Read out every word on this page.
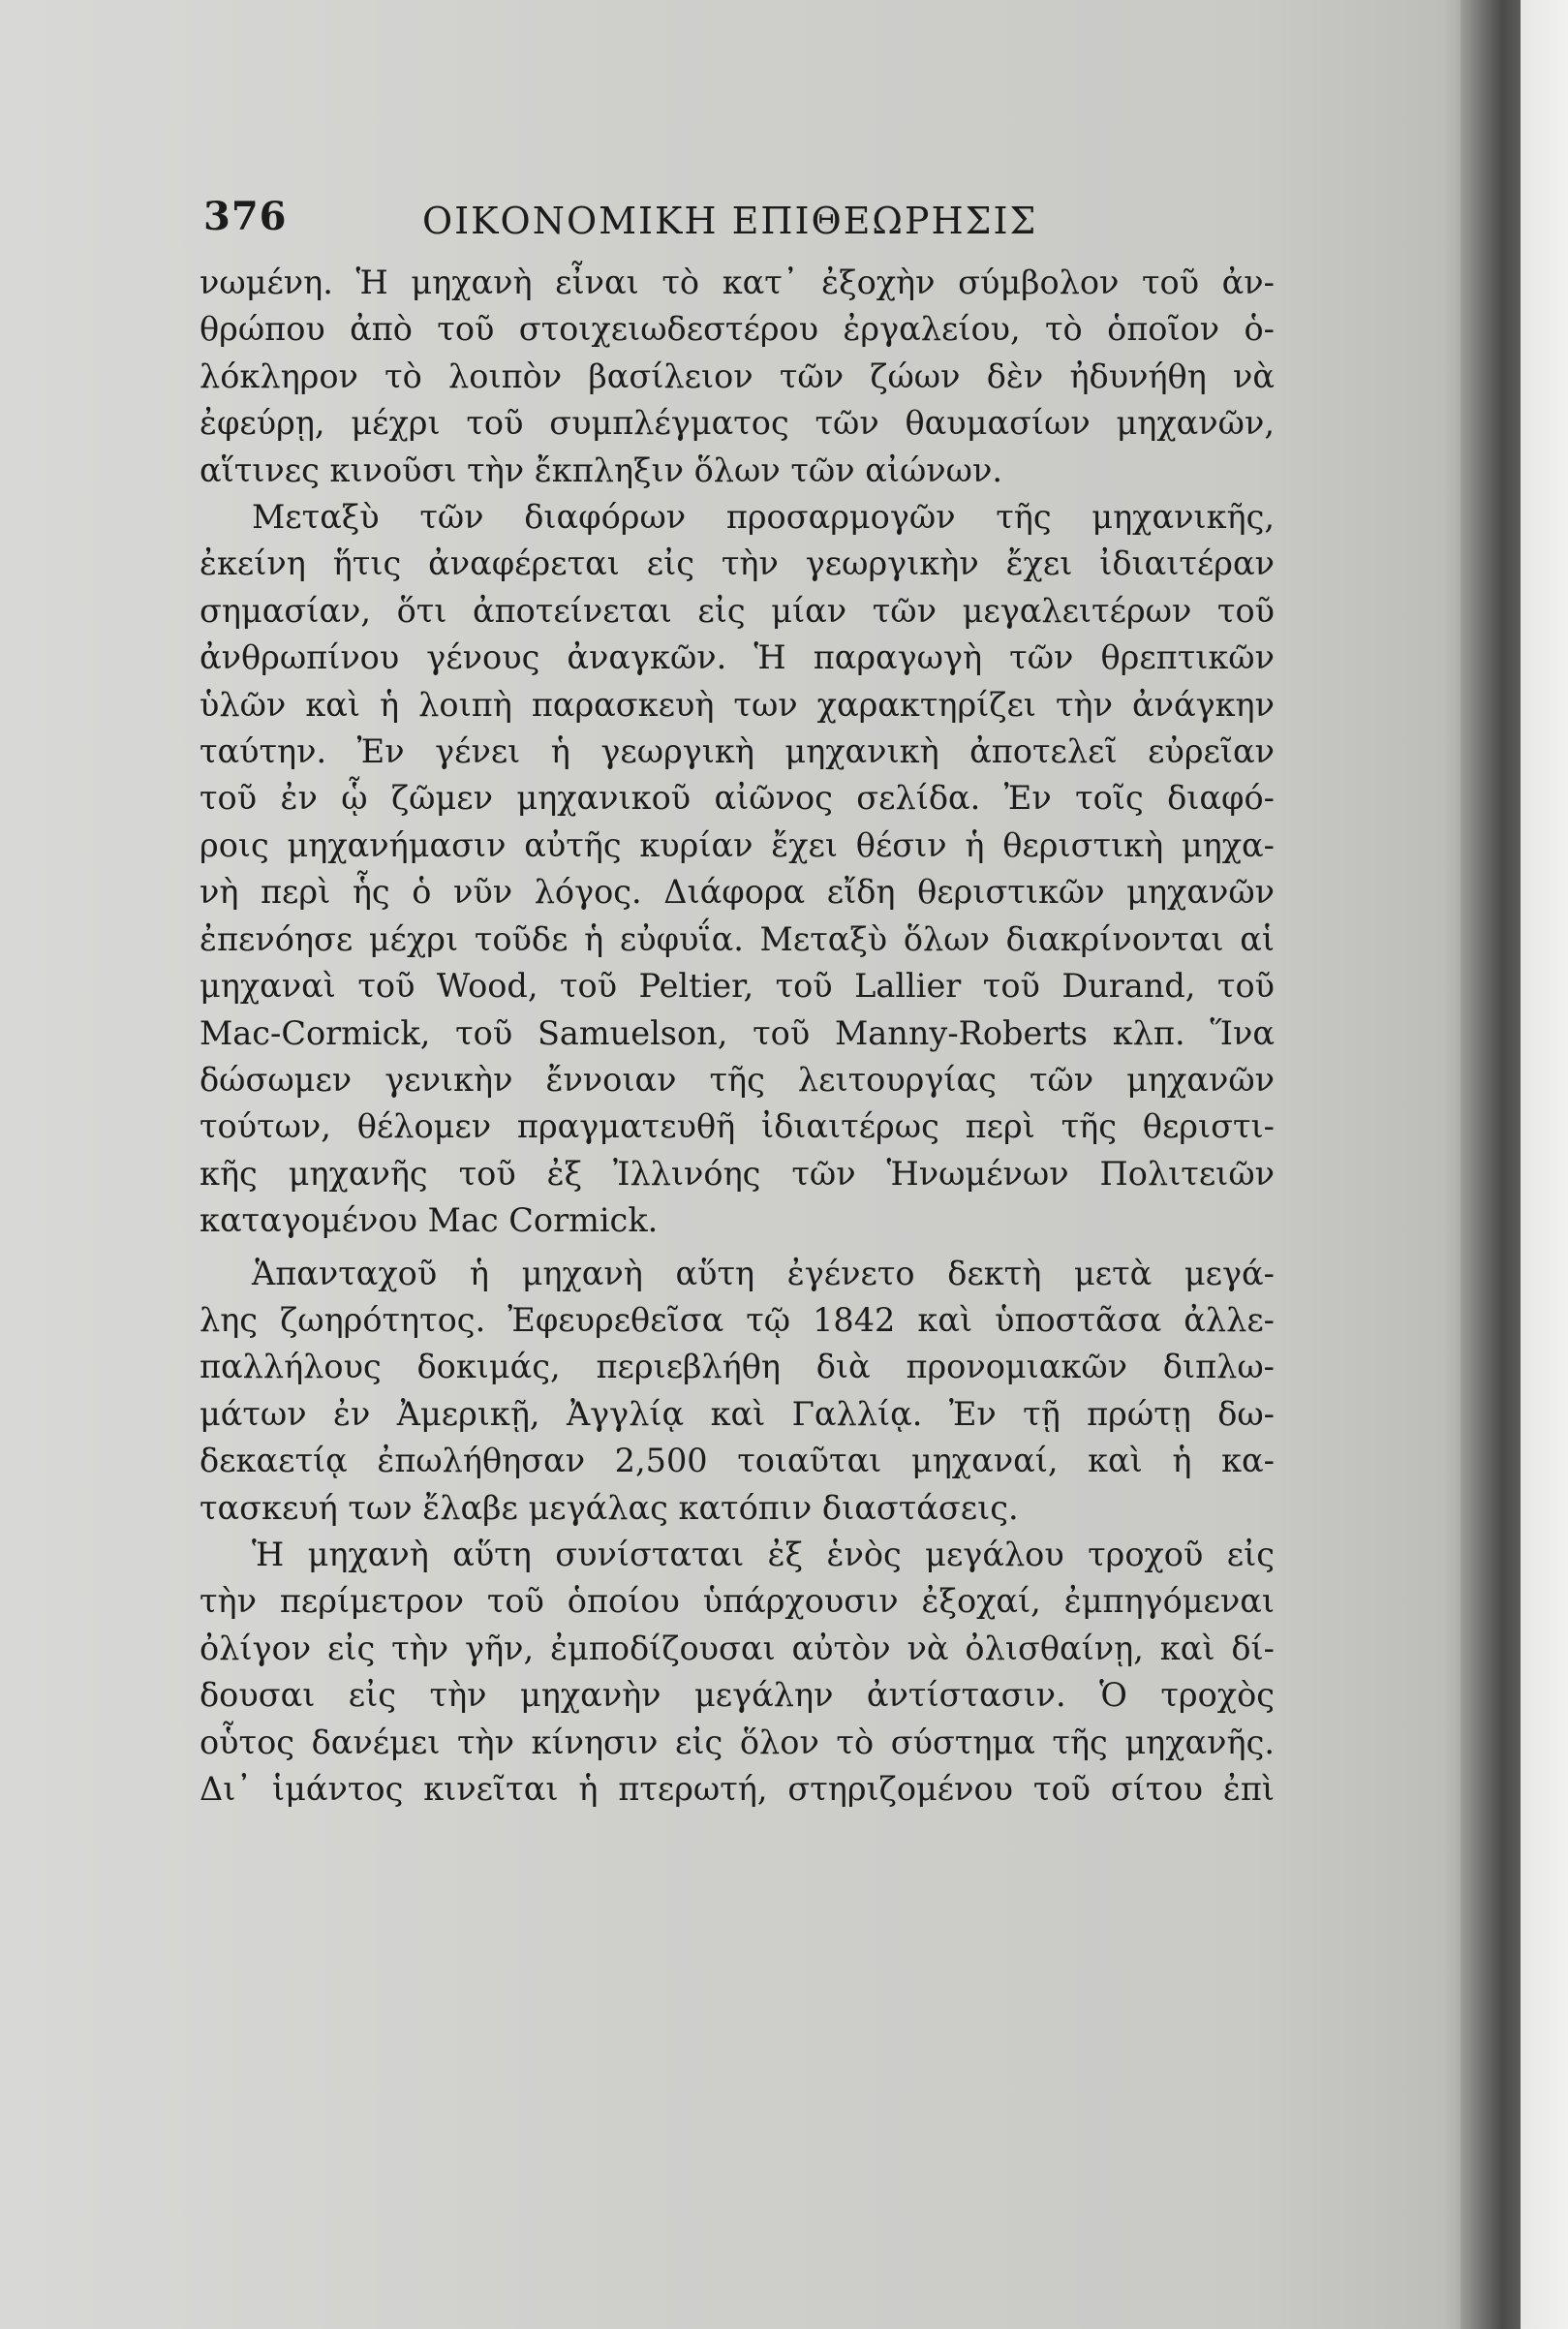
376	ΟΙΚΟΝΟΜΙΚΗ ΕΠΙΘΕΩΡΗΣΙΣ
νωμένη. Ἡ μηχανὴ εἶναι τὸ κατ᾽ ἐξοχὴν σύμβολον τοῦ ἀν-
θρώπου ἀπὸ τοῦ στοιχειωδεστέρου ἐργαλείου, τὸ ὁποῖον ὁ-
λόκληρον τὸ λοιπὸν βασίλειον τῶν ζώων δὲν ἠδυνήθη νὰ
ἐφεύρῃ, μέχρι τοῦ συμπλέγματος τῶν θαυμασίων μηχανῶν,
αἵτινες κινοῦσι τὴν ἔκπληξιν ὅλων τῶν αἰώνων.
Μεταξὺ τῶν διαφόρων προσαρμογῶν τῆς μηχανικῆς,
ἐκείνη ἥτις ἀναφέρεται εἰς τὴν γεωργικὴν ἔχει ἰδιαιτέραν
σημασίαν, ὅτι ἀποτείνεται εἰς μίαν τῶν μεγαλειτέρων τοῦ
ἀνθρωπίνου γένους ἀναγκῶν. Ἡ παραγωγὴ τῶν θρεπτικῶν
ὑλῶν καὶ ἡ λοιπὴ παρασκευὴ των χαρακτηρίζει τὴν ἀνάγκην
ταύτην. Ἐν γένει ἡ γεωργικὴ μηχανικὴ ἀποτελεῖ εὐρεῖαν
τοῦ ἐν ᾧ ζῶμεν μηχανικοῦ αἰῶνος σελίδα. Ἐν τοῖς διαφό-
ροις μηχανήμασιν αὐτῆς κυρίαν ἔχει θέσιν ἡ θεριστικὴ μηχα-
νὴ περὶ ἧς ὁ νῦν λόγος. Διάφορα εἴδη θεριστικῶν μηχανῶν
ἐπενόησε μέχρι τοῦδε ἡ εὐφυΐα. Μεταξὺ ὅλων διακρίνονται αἱ
μηχαναὶ τοῦ Wood, τοῦ Peltier, τοῦ Lallier τοῦ Durand, τοῦ
Mac-Cormick, τοῦ Samuelson, τοῦ Manny-Roberts κλπ. Ἵνα
δώσωμεν γενικὴν ἔννοιαν τῆς λειτουργίας τῶν μηχανῶν
τούτων, θέλομεν πραγματευθῆ ἰδιαιτέρως περὶ τῆς θεριστι-
κῆς μηχανῆς τοῦ ἐξ Ἰλλινόης τῶν Ἡνωμένων Πολιτειῶν
καταγομένου Mac Cormick.
Ἁπανταχοῦ ἡ μηχανὴ αὕτη ἐγένετο δεκτὴ μετὰ μεγά-
λης ζωηρότητος. Ἐφευρεθεῖσα τῷ 1842 καὶ ὑποστᾶσα ἀλλε-
παλλήλους δοκιμάς, περιεβλήθη διὰ προνομιακῶν διπλω-
μάτων ἐν Ἀμερικῇ, Ἀγγλίᾳ καὶ Γαλλίᾳ. Ἐν τῇ πρώτῃ δω-
δεκαετίᾳ ἐπωλήθησαν 2,500 τοιαῦται μηχαναί, καὶ ἡ κα-
τασκευή των ἔλαβε μεγάλας κατόπιν διαστάσεις.
Ἡ μηχανὴ αὕτη συνίσταται ἐξ ἑνὸς μεγάλου τροχοῦ εἰς
τὴν περίμετρον τοῦ ὁποίου ὑπάρχουσιν ἐξοχαί, ἐμπηγόμεναι
ὀλίγον εἰς τὴν γῆν, ἐμποδίζουσαι αὐτὸν νὰ ὀλισθαίνῃ, καὶ δί-
δουσαι εἰς τὴν μηχανὴν μεγάλην ἀντίστασιν. Ὁ τροχὸς
οὗτος δανέμει τὴν κίνησιν εἰς ὅλον τὸ σύστημα τῆς μηχανῆς.
Δι᾽ ἱμάντος κινεῖται ἡ πτερωτή, στηριζομένου τοῦ σίτου ἐπὶ
